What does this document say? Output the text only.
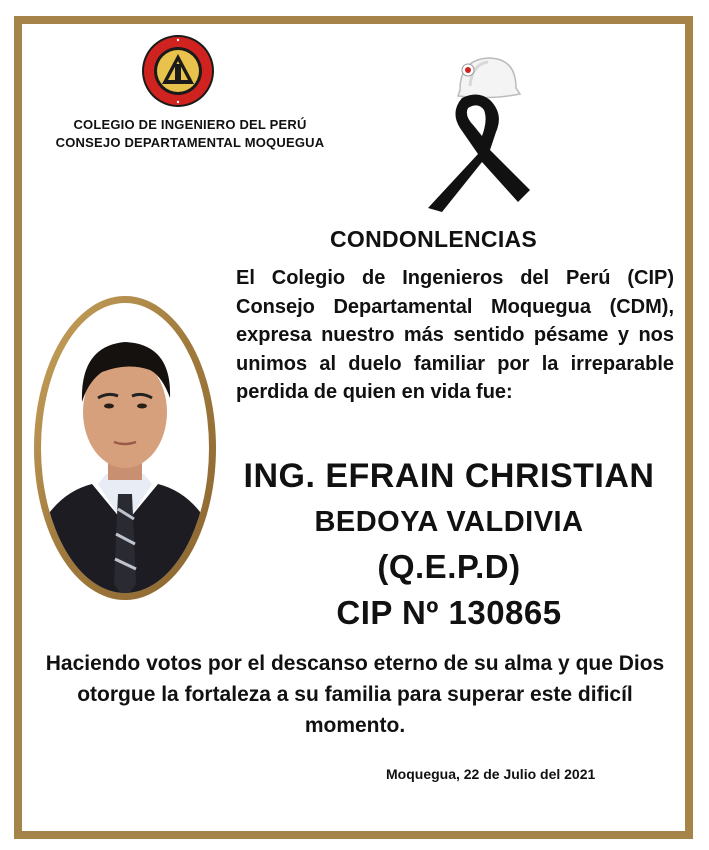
COLEGIO DE INGENIERO DEL PERÚ
CONSEJO DEPARTAMENTAL MOQUEGUA
CONDONLENCIAS
El Colegio de Ingenieros del Perú (CIP) Consejo Departamental Moquegua (CDM), expresa nuestro más sentido pésame y nos unimos al duelo familiar por la irreparable perdida de quien en vida fue:
ING. EFRAIN CHRISTIAN
BEDOYA VALDIVIA
(Q.E.P.D)
CIP Nº 130865
Haciendo votos por el descanso eterno de su alma y que Dios otorgue la fortaleza a su familia para superar este dificíl momento.
Moquegua, 22 de Julio del 2021
